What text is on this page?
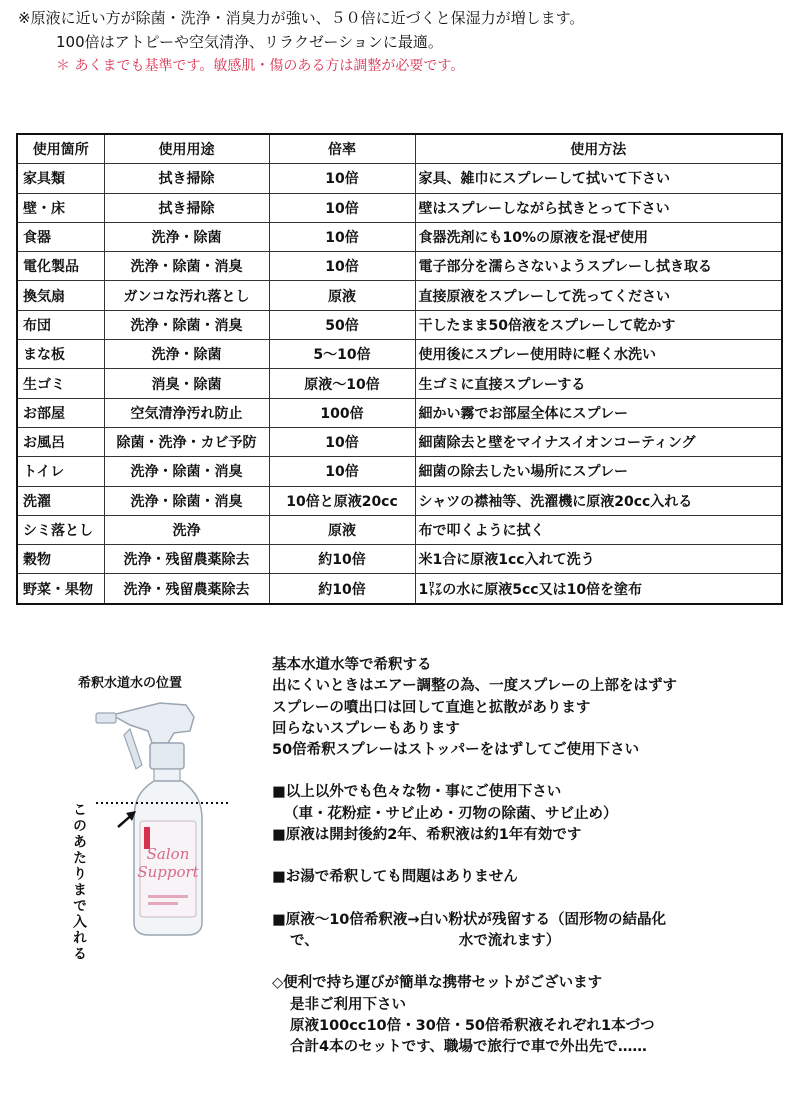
※原液に近い方が除菌・洗浄・消臭力が強い、５０倍に近づくと保湿力が増します。

100倍はアトピーや空気清浄、リラクゼーションに最適。

＊ あくまでも基準です。敏感肌・傷のある方は調整が必要です。

使用箇所	使用用途	倍率	使用方法
家具類	拭き掃除	10倍	家具、雑巾にスプレーして拭いて下さい
壁・床	拭き掃除	10倍	壁はスプレーしながら拭きとって下さい
食器	洗浄・除菌	10倍	食器洗剤にも10%の原液を混ぜ使用
電化製品	洗浄・除菌・消臭	10倍	電子部分を濡らさないようスプレーし拭き取る
換気扇	ガンコな汚れ落とし	原液	直接原液をスプレーして洗ってください
布団	洗浄・除菌・消臭	50倍	干したまま50倍液をスプレーして乾かす
まな板	洗浄・除菌	5～10倍	使用後にスプレー使用時に軽く水洗い
生ゴミ	消臭・除菌	原液～10倍	生ゴミに直接スプレーする
お部屋	空気清浄汚れ防止	100倍	細かい霧でお部屋全体にスプレー
お風呂	除菌・洗浄・カビ予防	10倍	細菌除去と壁をマイナスイオンコーティング
トイレ	洗浄・除菌・消臭	10倍	細菌の除去したい場所にスプレー
洗濯	洗浄・除菌・消臭	10倍と原液20cc	シャツの襟袖等、洗濯機に原液20cc入れる
シミ落とし	洗浄	原液	布で叩くように拭く
穀物	洗浄・残留農薬除去	約10倍	米1合に原液1cc入れて洗う
野菜・果物	洗浄・残留農薬除去	約10倍	1㍑の水に原液5cc又は10倍を塗布
希釈水道水の位置
このあたりまで入れる	Salon
Support

基本水道水等で希釈する

出にくいときはエアー調整の為、一度スプレーの上部をはずす

スプレーの噴出口は回して直進と拡散があります

回らないスプレーもあります

50倍希釈スプレーはストッパーをはずしてご使用下さい

■以上以外でも色々な物・事にご使用下さい

（車・花粉症・サビ止め・刃物の除菌、サビ止め）

■原液は開封後約2年、希釈液は約1年有効です

■お湯で希釈しても問題はありません

■原液～10倍希釈液→白い粉状が残留する（固形物の結晶化

で、	水で流れます）

◇便利で持ち運びが簡単な携帯セットがございます

是非ご利用下さい

原液100cc10倍・30倍・50倍希釈液それぞれ1本づつ

合計4本のセットです、職場で旅行で車で外出先で……
